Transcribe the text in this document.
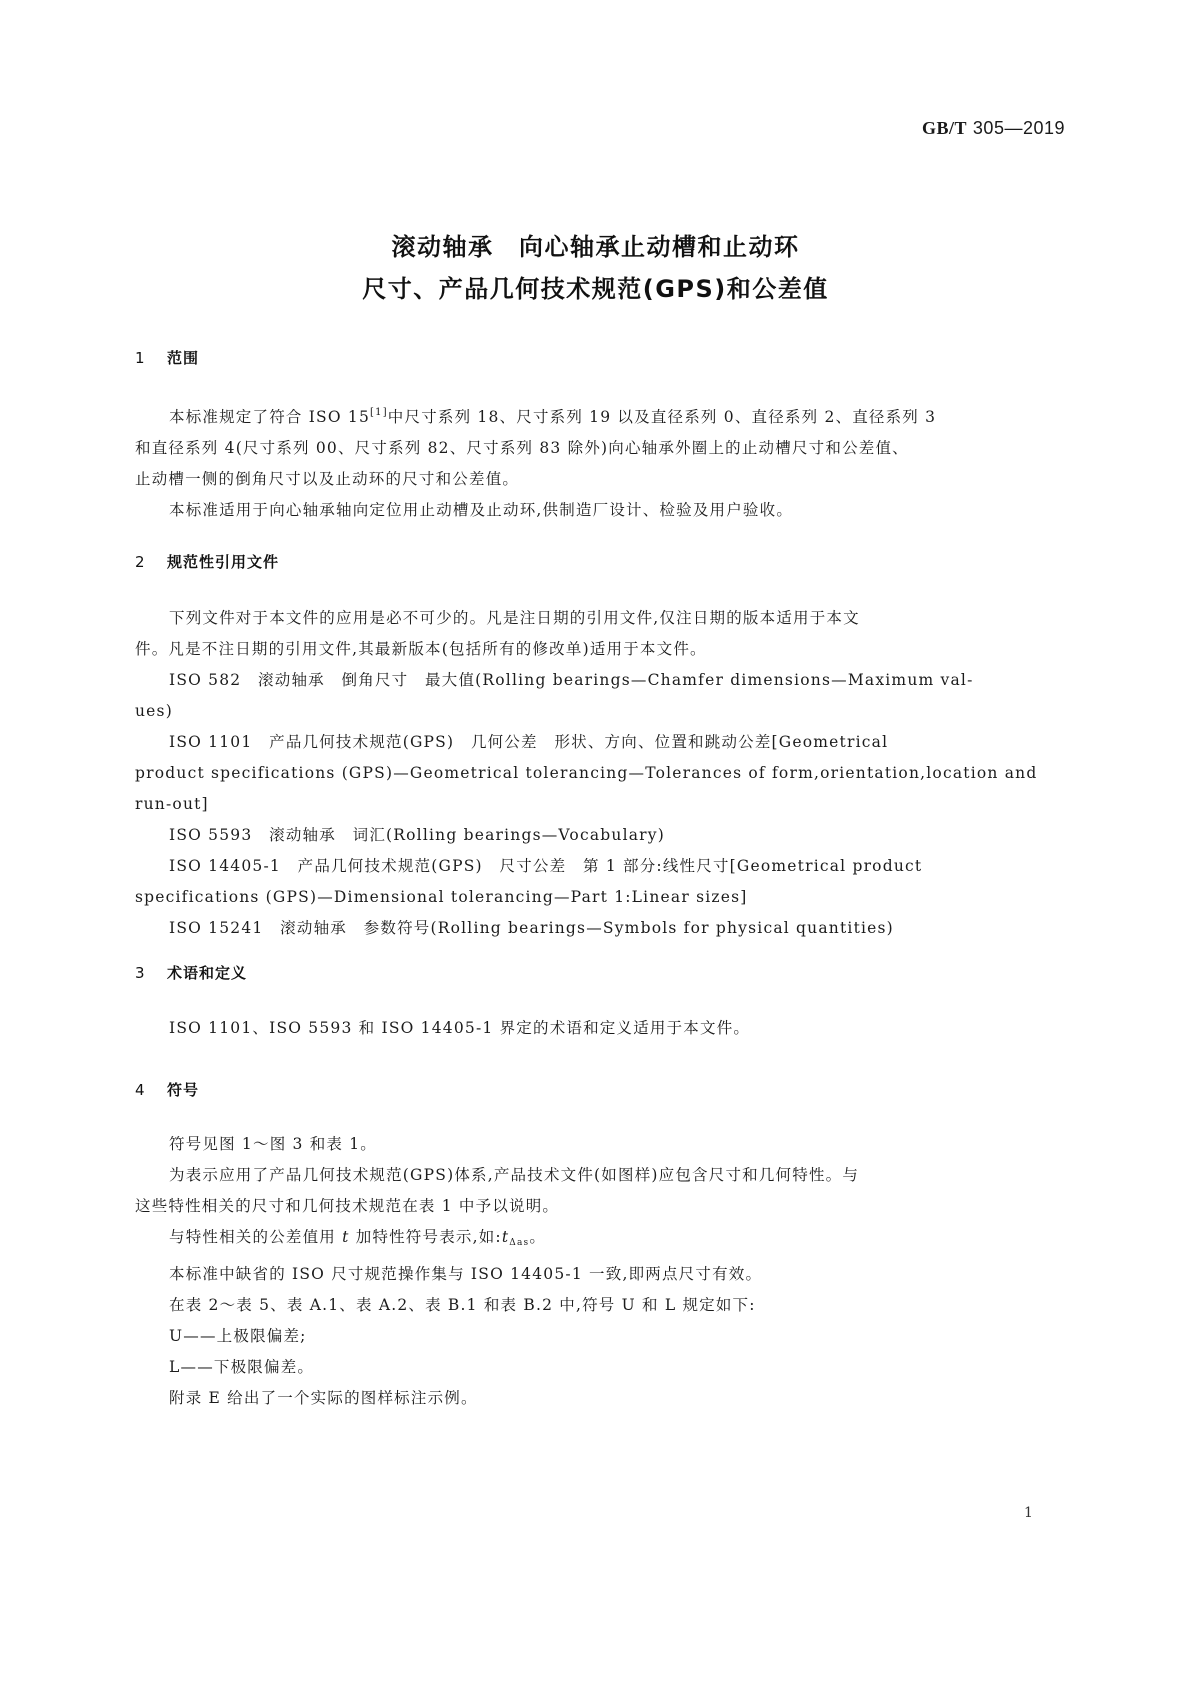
GB/T 305—2019
滚动轴承　向心轴承止动槽和止动环
尺寸、产品几何技术规范(GPS)和公差值
1 范围
本标准规定了符合 ISO 15[1]中尺寸系列 18、尺寸系列 19 以及直径系列 0、直径系列 2、直径系列 3
和直径系列 4(尺寸系列 00、尺寸系列 82、尺寸系列 83 除外)向心轴承外圈上的止动槽尺寸和公差值、
止动槽一侧的倒角尺寸以及止动环的尺寸和公差值。
本标准适用于向心轴承轴向定位用止动槽及止动环,供制造厂设计、检验及用户验收。
2 规范性引用文件
下列文件对于本文件的应用是必不可少的。凡是注日期的引用文件,仅注日期的版本适用于本文
件。凡是不注日期的引用文件,其最新版本(包括所有的修改单)适用于本文件。
ISO 582　滚动轴承　倒角尺寸　最大值(Rolling bearings—Chamfer dimensions—Maximum val-
ues)
ISO 1101　产品几何技术规范(GPS)　几何公差　形状、方向、位置和跳动公差[Geometrical
product specifications (GPS)—Geometrical tolerancing—Tolerances of form,orientation,location and
run-out]
ISO 5593　滚动轴承　词汇(Rolling bearings—Vocabulary)
ISO 14405-1　产品几何技术规范(GPS)　尺寸公差　第 1 部分:线性尺寸[Geometrical product
specifications (GPS)—Dimensional tolerancing—Part 1:Linear sizes]
ISO 15241　滚动轴承　参数符号(Rolling bearings—Symbols for physical quantities)
3 术语和定义
ISO 1101、ISO 5593 和 ISO 14405-1 界定的术语和定义适用于本文件。
4 符号
符号见图 1～图 3 和表 1。
为表示应用了产品几何技术规范(GPS)体系,产品技术文件(如图样)应包含尺寸和几何特性。与
这些特性相关的尺寸和几何技术规范在表 1 中予以说明。
与特性相关的公差值用 t 加特性符号表示,如:tΔas。
本标准中缺省的 ISO 尺寸规范操作集与 ISO 14405-1 一致,即两点尺寸有效。
在表 2～表 5、表 A.1、表 A.2、表 B.1 和表 B.2 中,符号 U 和 L 规定如下:
U——上极限偏差;
L——下极限偏差。
附录 E 给出了一个实际的图样标注示例。
1
